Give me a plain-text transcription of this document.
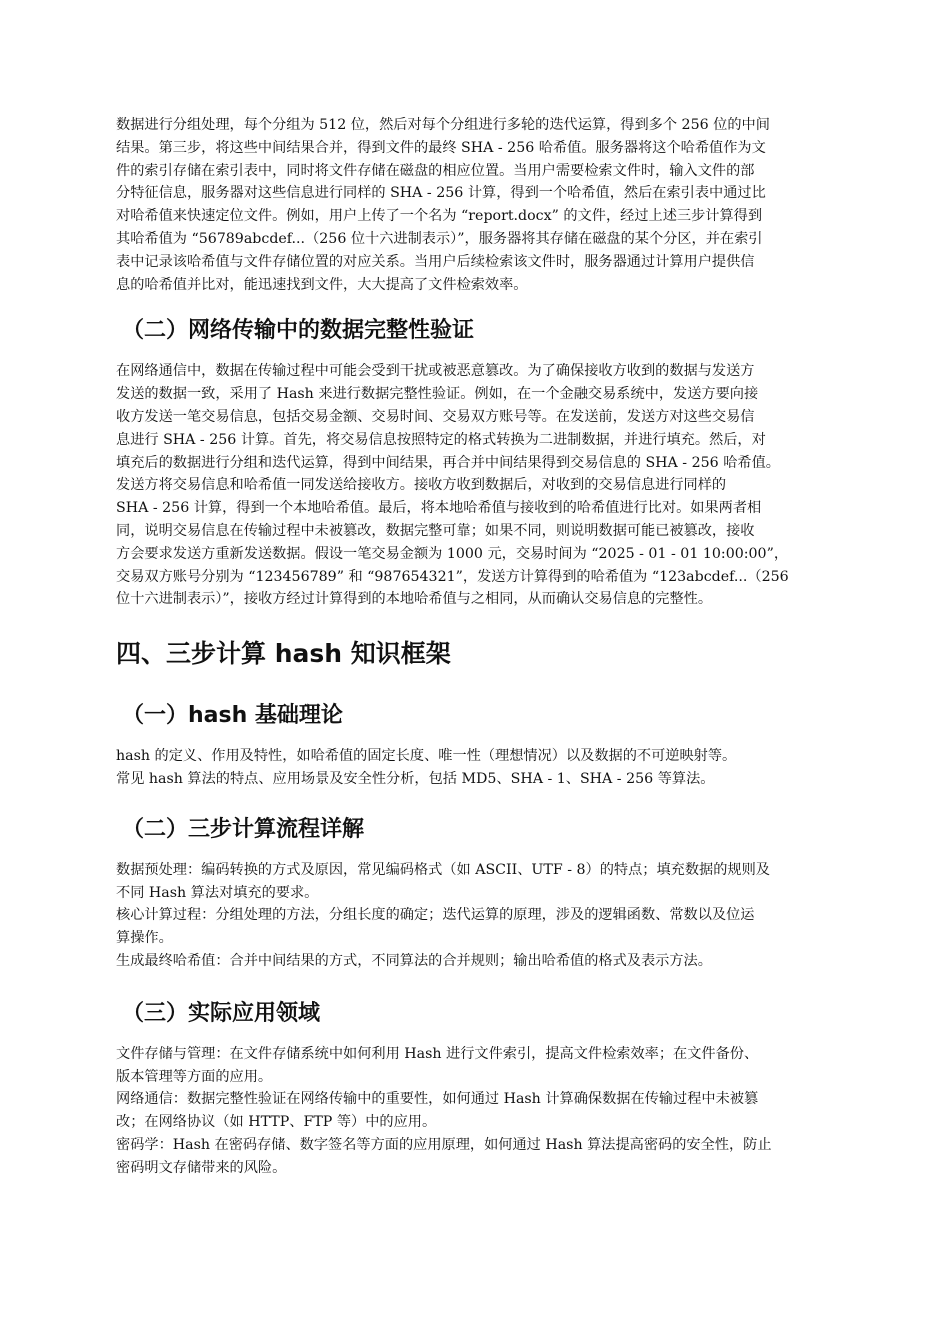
数据进行分组处理，每个分组为 512 位，然后对每个分组进行多轮的迭代运算，得到多个 256 位的中间
结果。第三步，将这些中间结果合并，得到文件的最终 SHA - 256 哈希值。服务器将这个哈希值作为文
件的索引存储在索引表中，同时将文件存储在磁盘的相应位置。当用户需要检索文件时，输入文件的部
分特征信息，服务器对这些信息进行同样的 SHA - 256 计算，得到一个哈希值，然后在索引表中通过比
对哈希值来快速定位文件。例如，用户上传了一个名为 “report.docx” 的文件，经过上述三步计算得到
其哈希值为 “56789abcdef...（256 位十六进制表示）”，服务器将其存储在磁盘的某个分区，并在索引
表中记录该哈希值与文件存储位置的对应关系。当用户后续检索该文件时，服务器通过计算用户提供信
息的哈希值并比对，能迅速找到文件，大大提高了文件检索效率。
（二）网络传输中的数据完整性验证
在网络通信中，数据在传输过程中可能会受到干扰或被恶意篡改。为了确保接收方收到的数据与发送方
发送的数据一致，采用了 Hash 来进行数据完整性验证。例如，在一个金融交易系统中，发送方要向接
收方发送一笔交易信息，包括交易金额、交易时间、交易双方账号等。在发送前，发送方对这些交易信
息进行 SHA - 256 计算。首先，将交易信息按照特定的格式转换为二进制数据，并进行填充。然后，对
填充后的数据进行分组和迭代运算，得到中间结果，再合并中间结果得到交易信息的 SHA - 256 哈希值。
发送方将交易信息和哈希值一同发送给接收方。接收方收到数据后，对收到的交易信息进行同样的
SHA - 256 计算，得到一个本地哈希值。最后，将本地哈希值与接收到的哈希值进行比对。如果两者相
同，说明交易信息在传输过程中未被篡改，数据完整可靠；如果不同，则说明数据可能已被篡改，接收
方会要求发送方重新发送数据。假设一笔交易金额为 1000 元，交易时间为 “2025 - 01 - 01 10:00:00”，
交易双方账号分别为 “123456789” 和 “987654321”，发送方计算得到的哈希值为 “123abcdef...（256
位十六进制表示）”，接收方经过计算得到的本地哈希值与之相同，从而确认交易信息的完整性。
四、三步计算 hash 知识框架
（一）hash 基础理论
hash 的定义、作用及特性，如哈希值的固定长度、唯一性（理想情况）以及数据的不可逆映射等。
常见 hash 算法的特点、应用场景及安全性分析，包括 MD5、SHA - 1、SHA - 256 等算法。
（二）三步计算流程详解
数据预处理：编码转换的方式及原因，常见编码格式（如 ASCII、UTF - 8）的特点；填充数据的规则及
不同 Hash 算法对填充的要求。
核心计算过程：分组处理的方法，分组长度的确定；迭代运算的原理，涉及的逻辑函数、常数以及位运
算操作。
生成最终哈希值：合并中间结果的方式，不同算法的合并规则；输出哈希值的格式及表示方法。
（三）实际应用领域
文件存储与管理：在文件存储系统中如何利用 Hash 进行文件索引，提高文件检索效率；在文件备份、
版本管理等方面的应用。
网络通信：数据完整性验证在网络传输中的重要性，如何通过 Hash 计算确保数据在传输过程中未被篡
改；在网络协议（如 HTTP、FTP 等）中的应用。
密码学：Hash 在密码存储、数字签名等方面的应用原理，如何通过 Hash 算法提高密码的安全性，防止
密码明文存储带来的风险。
